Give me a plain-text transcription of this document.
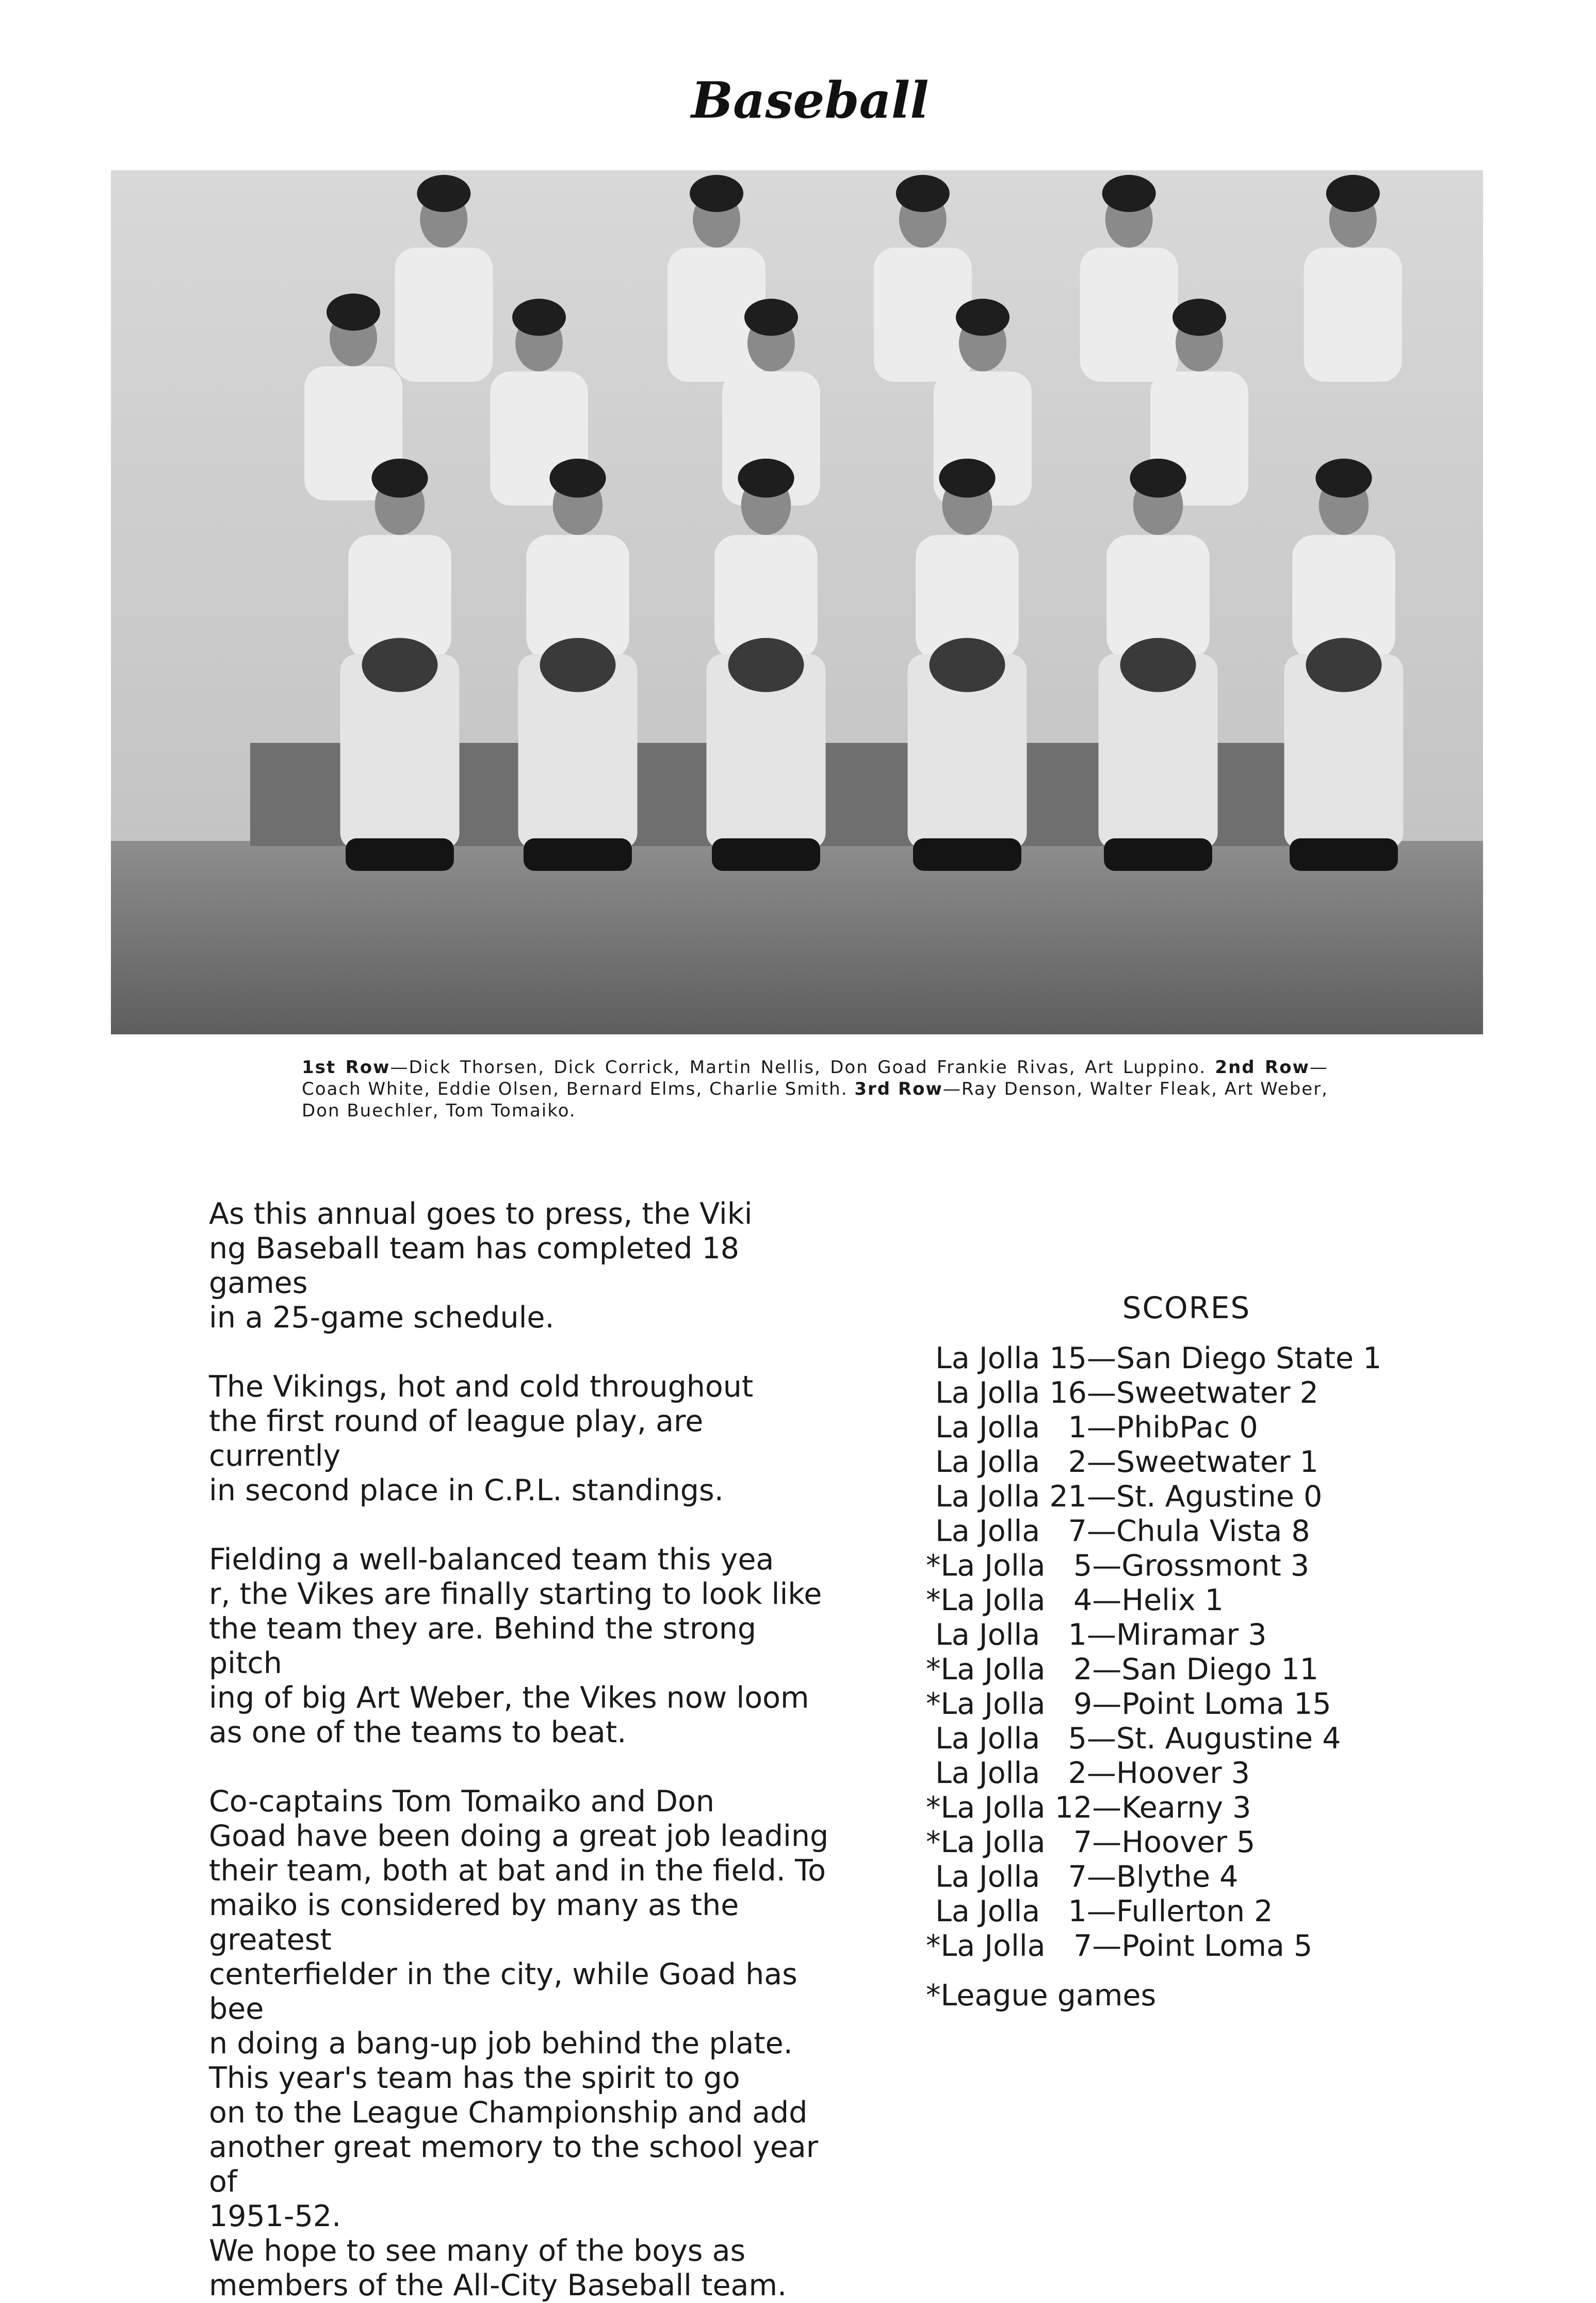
Baseball
1st Row—Dick Thorsen, Dick Corrick, Martin Nellis, Don Goad Frankie Rivas, Art Luppino. 2nd Row—Coach White, Eddie Olsen, Bernard Elms, Charlie Smith. 3rd Row—Ray Denson, Walter Fleak, Art Weber, Don Buechler, Tom Tomaiko.

As this annual goes to press, the Viki
ng Baseball team has completed 18 games
in a 25-game schedule.

The Vikings, hot and cold throughout
the first round of league play, are currently
in second place in C.P.L. standings.

Fielding a well-balanced team this yea
r, the Vikes are finally starting to look like
the team they are. Behind the strong pitch
ing of big Art Weber, the Vikes now loom
as one of the teams to beat.

Co-captains Tom Tomaiko and Don
Goad have been doing a great job leading
their team, both at bat and in the field. To
maiko is considered by many as the greatest
centerfielder in the city, while Goad has bee
n doing a bang-up job behind the plate.

This year's team has the spirit to go
on to the League Championship and add
another great memory to the school year of
1951-52.

We hope to see many of the boys as
members of the All-City Baseball team.

SCORES
La Jolla 15—San Diego State 1
La Jolla 16—Sweetwater 2
La Jolla   1—PhibPac 0
La Jolla   2—Sweetwater 1
La Jolla 21—St. Agustine 0
La Jolla   7—Chula Vista 8
*La Jolla   5—Grossmont 3
*La Jolla   4—Helix 1
La Jolla   1—Miramar 3
*La Jolla   2—San Diego 11
*La Jolla   9—Point Loma 15
La Jolla   5—St. Augustine 4
La Jolla   2—Hoover 3
*La Jolla 12—Kearny 3
*La Jolla   7—Hoover 5
La Jolla   7—Blythe 4
La Jolla   1—Fullerton 2
*La Jolla   7—Point Loma 5
*League games
